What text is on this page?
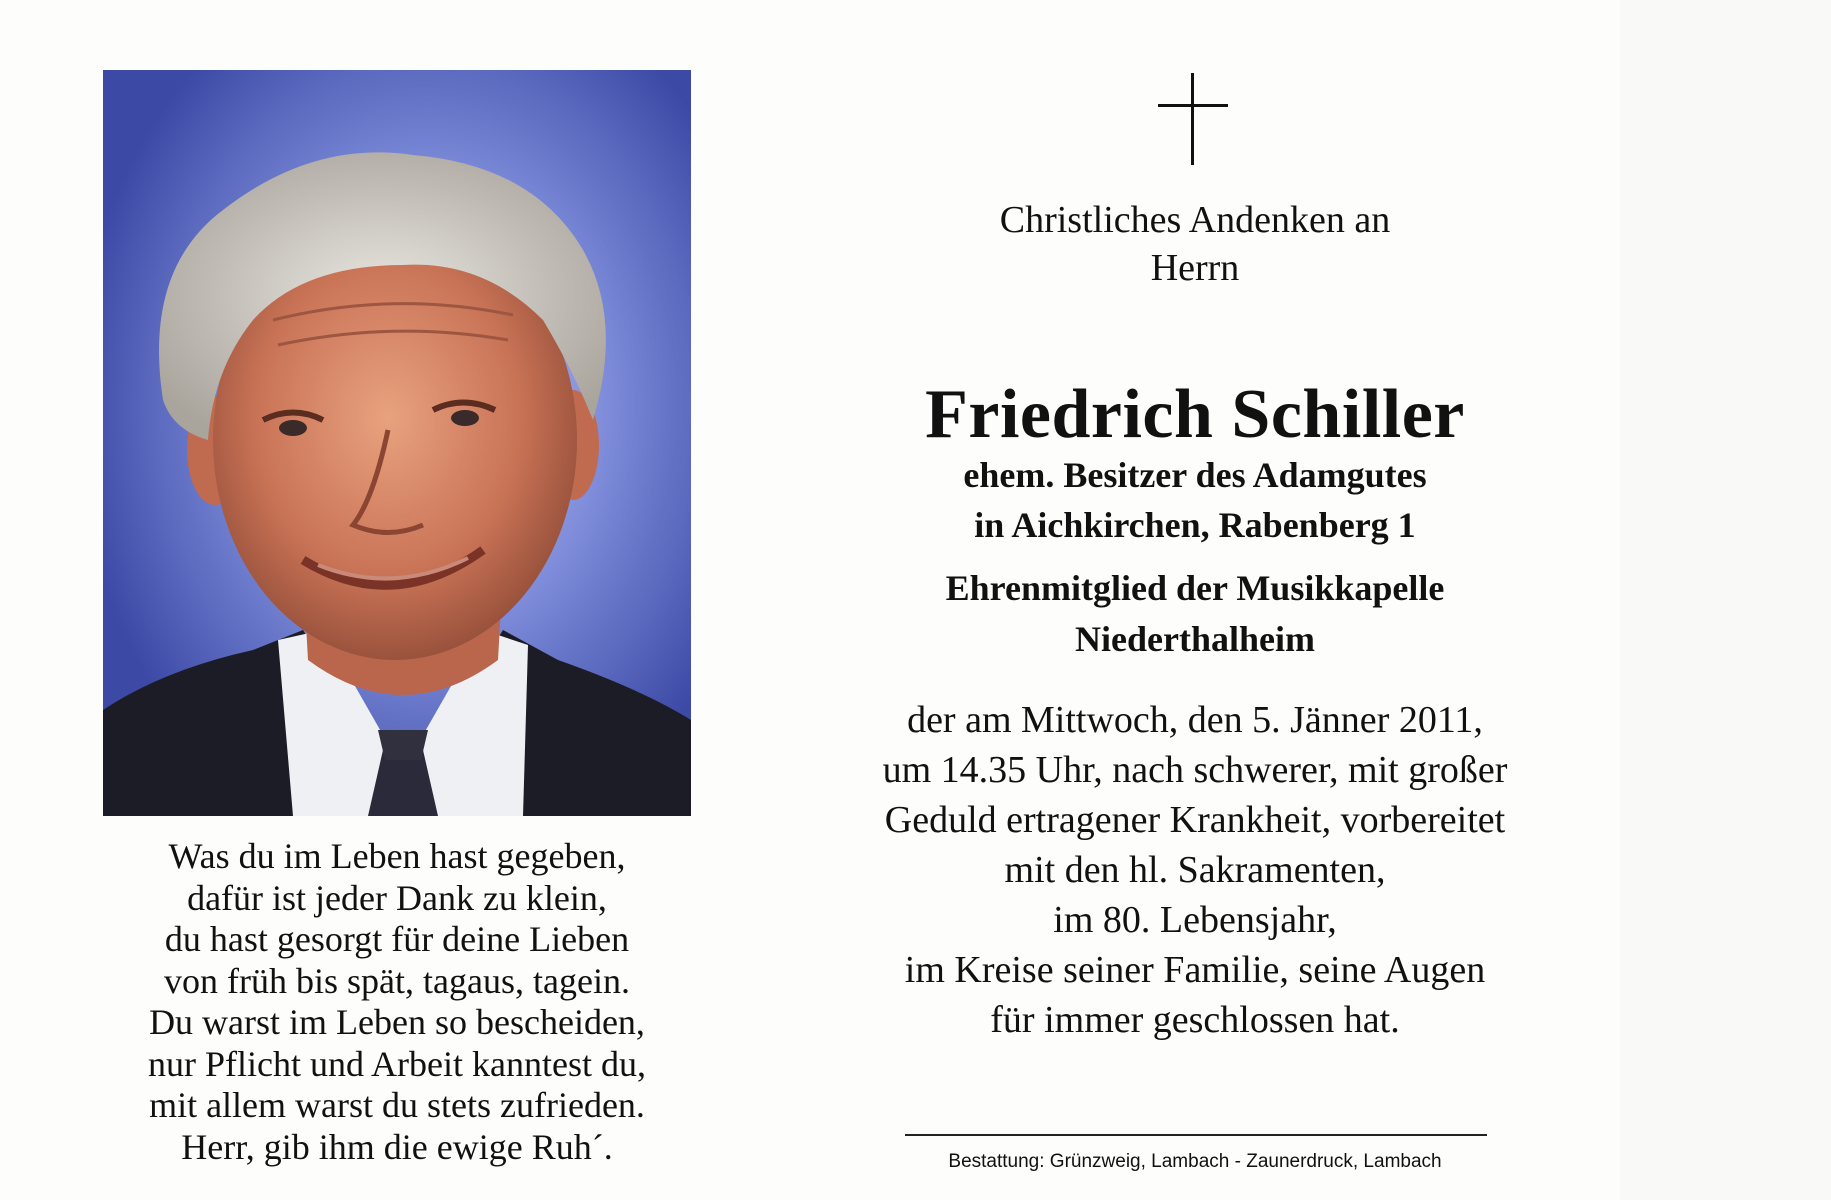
Was du im Leben hast gegeben,
dafür ist jeder Dank zu klein,
du hast gesorgt für deine Lieben
von früh bis spät, tagaus, tagein.
Du warst im Leben so bescheiden,
nur Pflicht und Arbeit kanntest du,
mit allem warst du stets zufrieden.
Herr, gib ihm die ewige Ruh´.
Christliches Andenken an
Herrn
Friedrich Schiller
ehem. Besitzer des Adamgutes
in Aichkirchen, Rabenberg 1
Ehrenmitglied der Musikkapelle
Niederthalheim
der am Mittwoch, den 5. Jänner 2011,
um 14.35 Uhr, nach schwerer, mit großer
Geduld ertragener Krankheit, vorbereitet
mit den hl. Sakramenten,
im 80. Lebensjahr,
im Kreise seiner Familie, seine Augen
für immer geschlossen hat.
Bestattung: Grünzweig, Lambach - Zaunerdruck, Lambach
